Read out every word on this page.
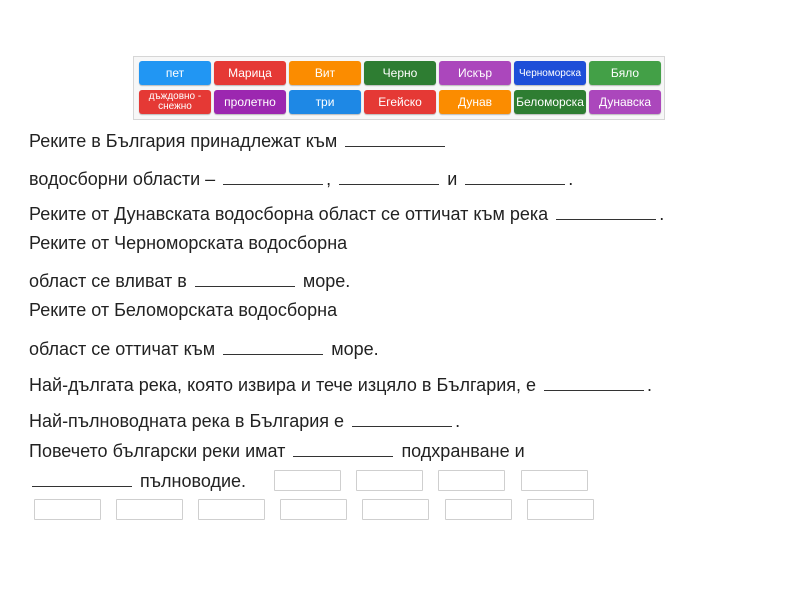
пет	Марица	Вит	Черно	Искър	Черноморска	Бяло
дъждовно - снежно	пролетно	три	Егейско	Дунав	Беломорска	Дунавска
Реките в България принадлежат към
водосборни области –	,	и	.
Реките от Дунавската водосборна област се оттичат към река	.
Реките от Черноморската водосборна
област се вливат в	море.
Реките от Беломорската водосборна
област се оттичат към	море.
Най-дългата река, която извира и тече изцяло в България, е	.
Най-пълноводната река в България е	.
Повечето български реки имат	подхранване и
пълноводие.
